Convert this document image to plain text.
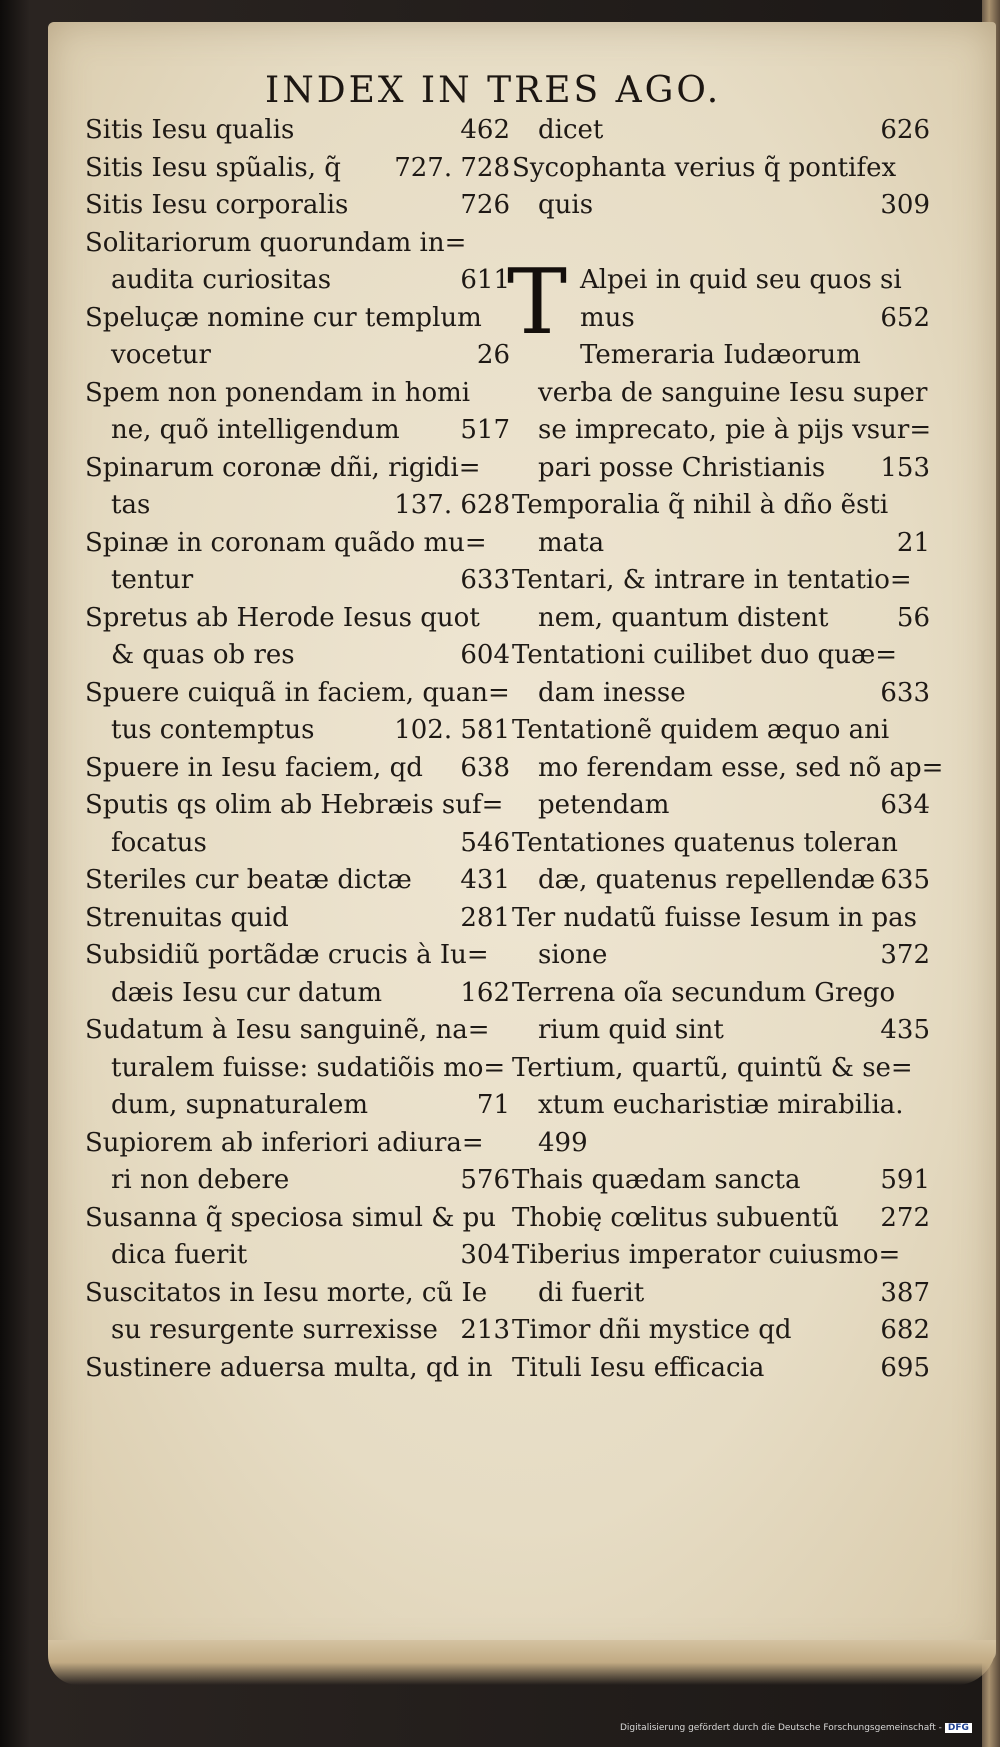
INDEX IN TRES AGO.
Sitis Iesu qualis	462
Sitis Iesu spũalis, q̃ 727. 728
Sitis Iesu corporalis	726
Solitariorum quorundam in=
audita curiositas	611
Speluçæ nomine cur templum
vocetur	26
Spem non ponendam in homi
ne, quõ intelligendum 517
Spinarum coronæ dñi, rigidi=
tas	137. 628
Spinæ in coronam quãdo mu=
tentur	633
Spretus ab Herode Iesus quot
& quas ob res	604
Spuere cuiquã in faciem, quan=
tus contemptus	102. 581
Spuere in Iesu faciem, qd 638
Sputis qs olim ab Hebræis suf=
focatus	546
Steriles cur beatæ dictæ 431
Strenuitas quid	281
Subsidiũ portãdæ crucis à Iu=
dæis Iesu cur datum	162
Sudatum à Iesu sanguinẽ, na=
turalem fuisse: sudatiõis mo=
dum, supnaturalem	71
Supiorem ab inferiori adiura=
ri non debere	576
Susanna q̃ speciosa simul & pu
dica fuerit	304
Suscitatos in Iesu morte, cũ Ie
su resurgente surrexisse 213
Sustinere aduersa multa, qd in
T
dicet	626
Sycophanta verius q̃ pontifex
quis	309
Alpei in quid seu quos si
mus	652
Temeraria Iudæorum
verba de sanguine Iesu super
se imprecato, pie à pijs vsur=
pari posse Christianis 153
Temporalia q̃ nihil à dño ẽsti
mata	21
Tentari, & intrare in tentatio=
nem, quantum distent	56
Tentationi cuilibet duo quæ=
dam inesse	633
Tentationẽ quidem æquo ani
mo ferendam esse, sed nõ ap=
petendam	634
Tentationes quatenus toleran
dæ, quatenus repellendæ 635
Ter nudatũ fuisse Iesum in pas
sione	372
Terrena oĩa secundum Grego
rium quid sint	435
Tertium, quartũ, quintũ & se=
xtum eucharistiæ mirabilia.
499
Thais quædam sancta	591
Thobię cœlitus subuentũ 272
Tiberius imperator cuiusmo=
di fuerit	387
Timor dñi mystice qd	682
Tituli Iesu efficacia	695
Digitalisierung gefördert durch die Deutsche Forschungsgemeinschaft - DFG
